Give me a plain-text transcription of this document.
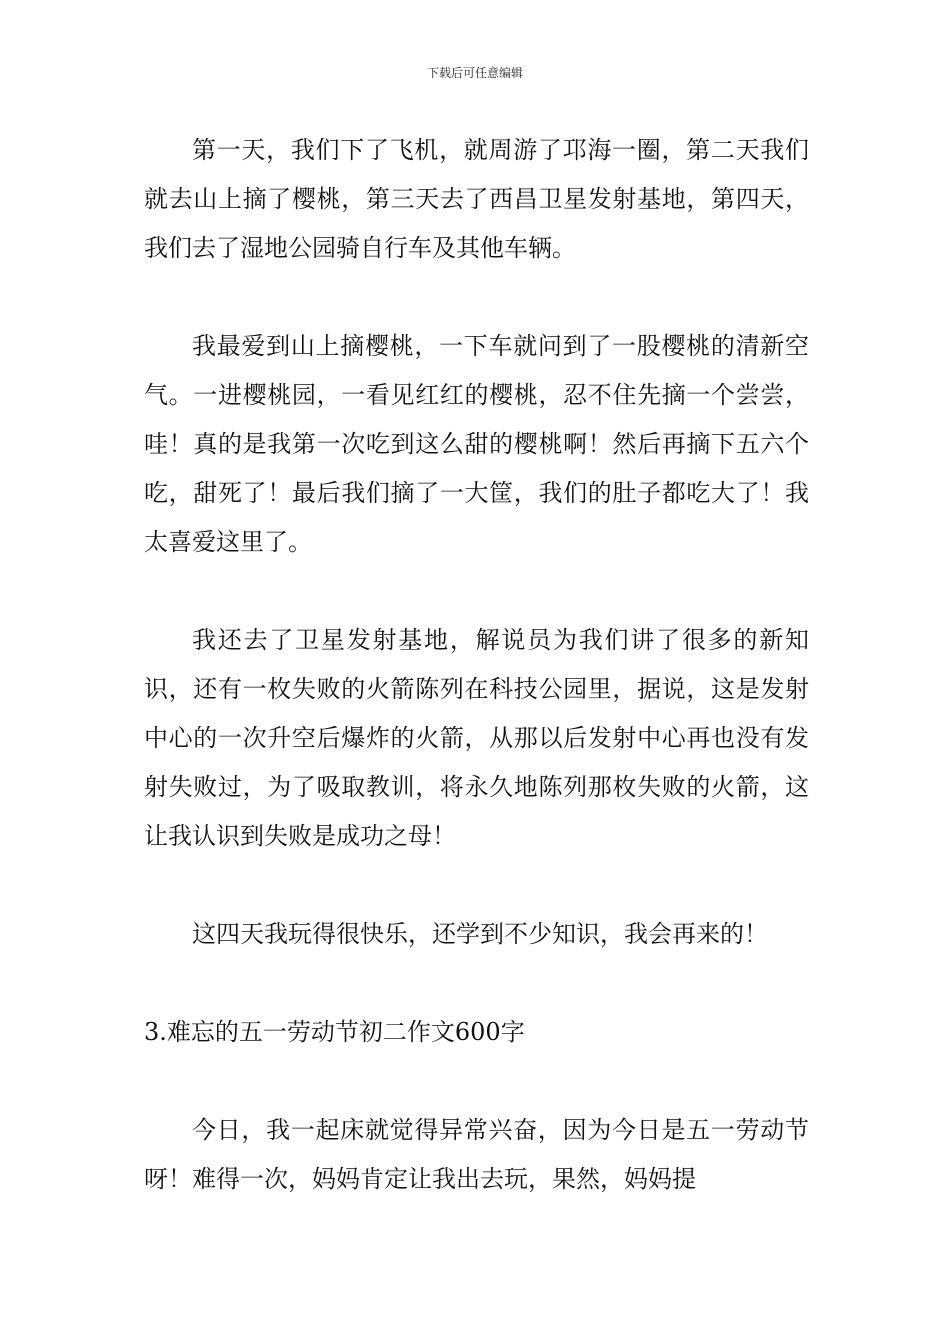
下载后可任意编辑

第一天，我们下了飞机，就周游了邛海一圈，第二天我们就去山上摘了樱桃，第三天去了西昌卫星发射基地，第四天，我们去了湿地公园骑自行车及其他车辆。

我最爱到山上摘樱桃，一下车就问到了一股樱桃的清新空气。一进樱桃园，一看见红红的樱桃，忍不住先摘一个尝尝，哇！真的是我第一次吃到这么甜的樱桃啊！然后再摘下五六个吃，甜死了！最后我们摘了一大筐，我们的肚子都吃大了！我太喜爱这里了。

我还去了卫星发射基地，解说员为我们讲了很多的新知识，还有一枚失败的火箭陈列在科技公园里，据说，这是发射中心的一次升空后爆炸的火箭，从那以后发射中心再也没有发射失败过，为了吸取教训，将永久地陈列那枚失败的火箭，这让我认识到失败是成功之母！

这四天我玩得很快乐，还学到不少知识，我会再来的！

3.难忘的五一劳动节初二作文600字

今日，我一起床就觉得异常兴奋，因为今日是五一劳动节呀！难得一次，妈妈肯定让我出去玩，果然，妈妈提
